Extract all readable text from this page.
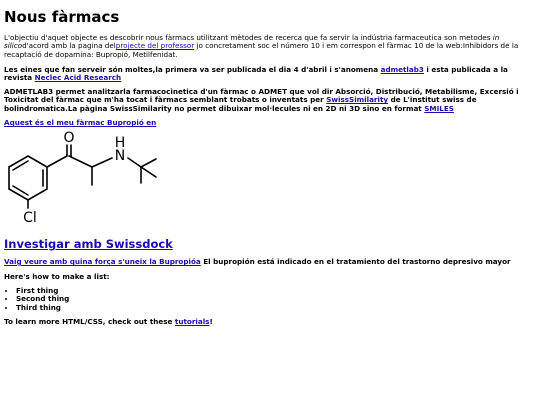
Nous fàrmacs
L'objectiu d'aquet objecte es descobrir nous fàrmacs utilitzant mètodes de recerca que fa servir la indústria farmaceutica son metodes in silicod'acord amb la pagina delprojecte del professor jo concretament soc el número 10 i em correspon el fàrmac 10 de la web:Inhibidors de la recaptació de dopamina: Bupropió, Metilfenidat.
Les eines que fan serveir són moltes,la primera va ser publicada el dia 4 d'abril i s'anomena admetlab3 i esta publicada a la revista Neclec Acid Research
ADMETLAB3 permet analitzarla farmacocinetica d'un fàrmac o ADMET que vol dir Absorció, Distribució, Metabilisme, Excersió i Toxicitat del fàrmac que m'ha tocat i fàrmacs semblant trobats o inventats per SwissSimilarity de L'institut swiss de bolindromatica.La pàgina SwissSimilarity no permet dibuixar mol·lecules ni en 2D ni 3D sino en format SMILES
Aquest és el meu fàrmac Bupropió en
O
N
H
Cl
Investigar amb Swissdock
Vaig veure amb quina força s'uneix la Bupropióa El bupropión está indicado en el tratamiento del trastorno depresivo mayor
Here's how to make a list:
• First thing
• Second thing
• Third thing
To learn more HTML/CSS, check out these tutorials!
